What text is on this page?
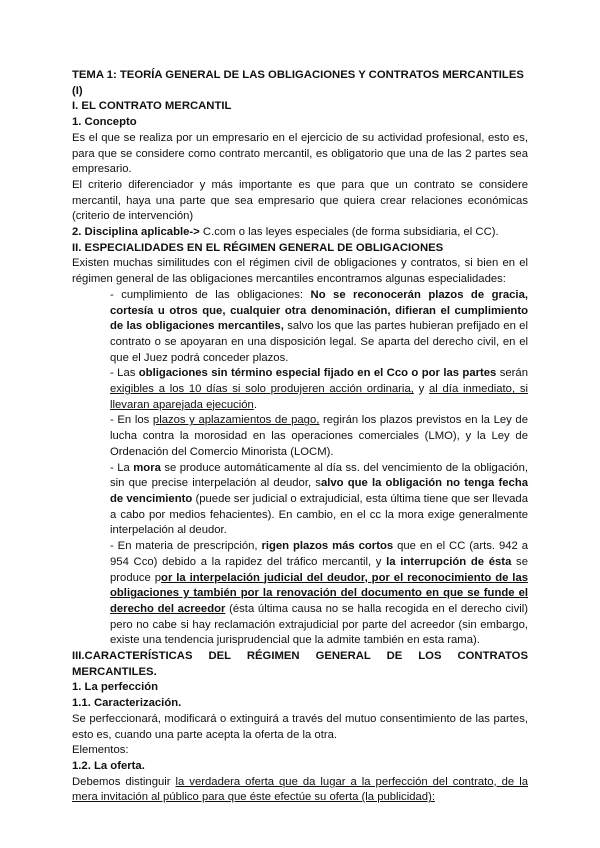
TEMA 1: TEORÍA GENERAL DE LAS OBLIGACIONES Y CONTRATOS MERCANTILES (I)

I. EL CONTRATO MERCANTIL

1. Concepto

Es el que se realiza por un empresario en el ejercicio de su actividad profesional, esto es, para que se considere como contrato mercantil, es obligatorio que una de las 2 partes sea empresario.

El criterio diferenciador y más importante es que para que un contrato se considere mercantil, haya una parte que sea empresario que quiera crear relaciones económicas (criterio de intervención)

2. Disciplina aplicable-> C.com o las leyes especiales (de forma subsidiaria, el CC).

II. ESPECIALIDADES EN EL RÉGIMEN GENERAL DE OBLIGACIONES

Existen muchas similitudes con el régimen civil de obligaciones y contratos, si bien en el régimen general de las obligaciones mercantiles encontramos algunas especialidades:

- cumplimiento de las obligaciones: No se reconocerán plazos de gracia, cortesía u otros que, cualquier otra denominación, difieran el cumplimiento de las obligaciones mercantiles, salvo los que las partes hubieran prefijado en el contrato o se apoyaran en una disposición legal. Se aparta del derecho civil, en el que el Juez podrá conceder plazos.

- Las obligaciones sin término especial fijado en el Cco o por las partes serán exigibles a los 10 días si solo produjeren acción ordinaria, y al día inmediato, si llevaran aparejada ejecución.

- En los plazos y aplazamientos de pago, regirán los plazos previstos en la Ley de lucha contra la morosidad en las operaciones comerciales (LMO), y la Ley de Ordenación del Comercio Minorista (LOCM).

- La mora se produce automáticamente al día ss. del vencimiento de la obligación, sin que precise interpelación al deudor, salvo que la obligación no tenga fecha de vencimiento (puede ser judicial o extrajudicial, esta última tiene que ser llevada a cabo por medios fehacientes). En cambio, en el cc la mora exige generalmente interpelación al deudor.

- En materia de prescripción, rigen plazos más cortos que en el CC (arts. 942 a 954 Cco) debido a la rapidez del tráfico mercantil, y la interrupción de ésta se produce por la interpelación judicial del deudor, por el reconocimiento de las obligaciones y también por la renovación del documento en que se funde el derecho del acreedor (ésta última causa no se halla recogida en el derecho civil) pero no cabe si hay reclamación extrajudicial por parte del acreedor (sin embargo, existe una tendencia jurisprudencial que la admite también en esta rama).

III.CARACTERÍSTICAS DEL RÉGIMEN GENERAL DE LOS CONTRATOS MERCANTILES.

1. La perfección

1.1. Caracterización.

Se perfeccionará, modificará o extinguirá a través del mutuo consentimiento de las partes, esto es, cuando una parte acepta la oferta de la otra.

Elementos:

1.2. La oferta.

Debemos distinguir la verdadera oferta que da lugar a la perfección del contrato, de la mera invitación al público para que éste efectúe su oferta (la publicidad):
